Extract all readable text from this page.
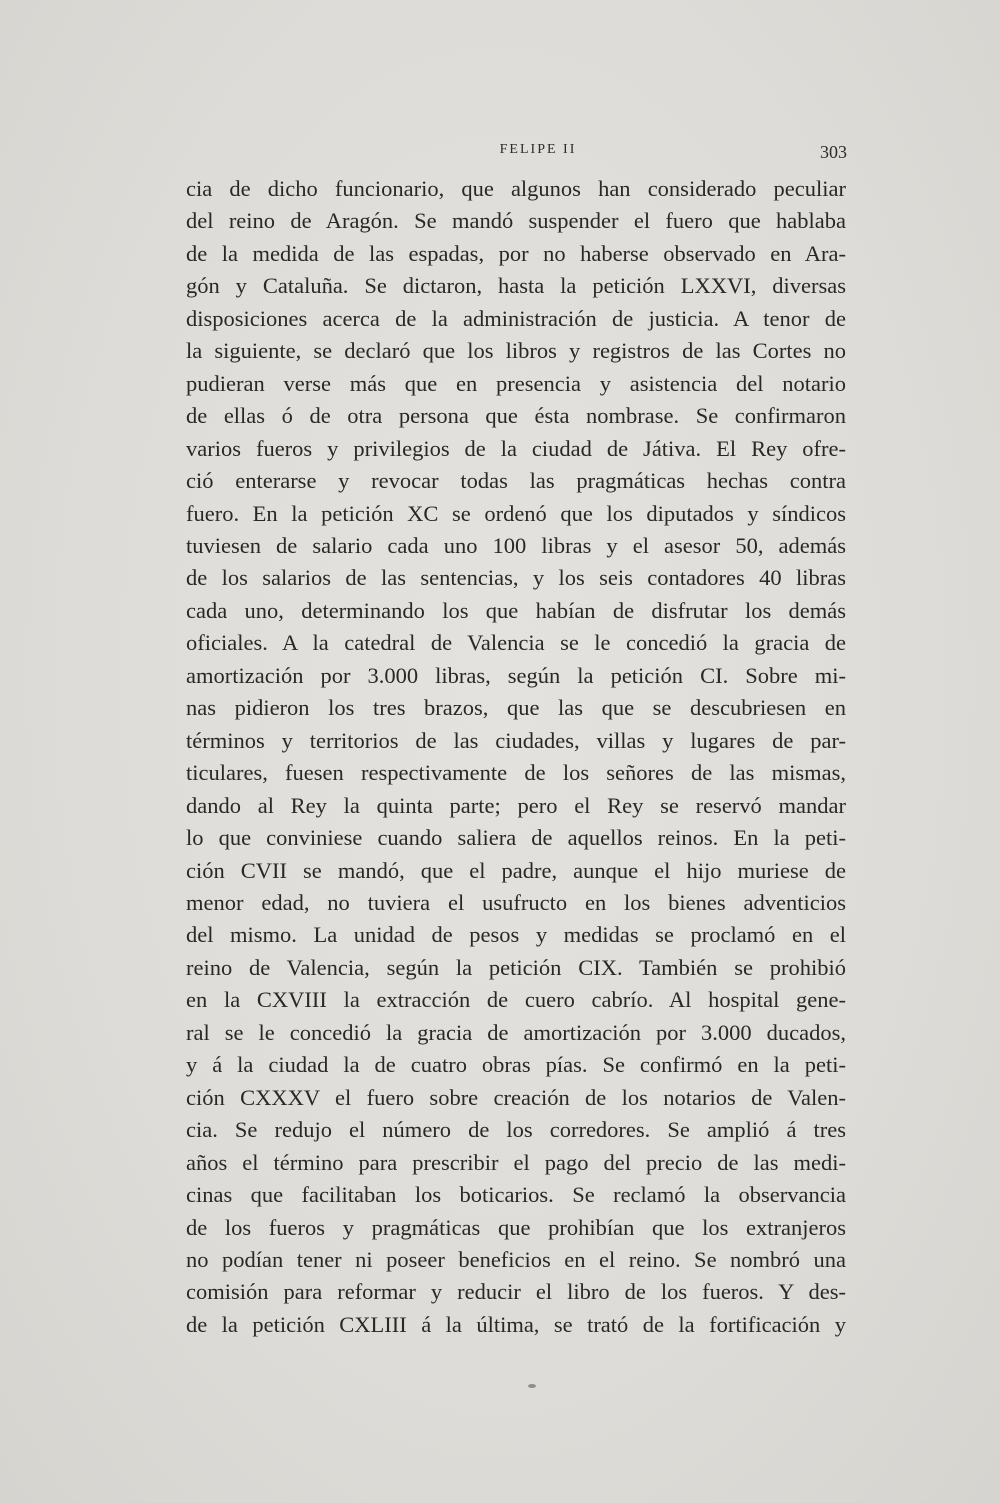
FELIPE II	303
cia de dicho funcionario, que algunos han considerado peculiar
del reino de Aragón. Se mandó suspender el fuero que hablaba
de la medida de las espadas, por no haberse observado en Ara-
gón y Cataluña. Se dictaron, hasta la petición LXXVI, diversas
disposiciones acerca de la administración de justicia. A tenor de
la siguiente, se declaró que los libros y registros de las Cortes no
pudieran verse más que en presencia y asistencia del notario
de ellas ó de otra persona que ésta nombrase. Se confirmaron
varios fueros y privilegios de la ciudad de Játiva. El Rey ofre-
ció enterarse y revocar todas las pragmáticas hechas contra
fuero. En la petición XC se ordenó que los diputados y síndicos
tuviesen de salario cada uno 100 libras y el asesor 50, además
de los salarios de las sentencias, y los seis contadores 40 libras
cada uno, determinando los que habían de disfrutar los demás
oficiales. A la catedral de Valencia se le concedió la gracia de
amortización por 3.000 libras, según la petición CI. Sobre mi-
nas pidieron los tres brazos, que las que se descubriesen en
términos y territorios de las ciudades, villas y lugares de par-
ticulares, fuesen respectivamente de los señores de las mismas,
dando al Rey la quinta parte; pero el Rey se reservó mandar
lo que conviniese cuando saliera de aquellos reinos. En la peti-
ción CVII se mandó, que el padre, aunque el hijo muriese de
menor edad, no tuviera el usufructo en los bienes adventicios
del mismo. La unidad de pesos y medidas se proclamó en el
reino de Valencia, según la petición CIX. También se prohibió
en la CXVIII la extracción de cuero cabrío. Al hospital gene-
ral se le concedió la gracia de amortización por 3.000 ducados,
y á la ciudad la de cuatro obras pías. Se confirmó en la peti-
ción CXXXV el fuero sobre creación de los notarios de Valen-
cia. Se redujo el número de los corredores. Se amplió á tres
años el término para prescribir el pago del precio de las medi-
cinas que facilitaban los boticarios. Se reclamó la observancia
de los fueros y pragmáticas que prohibían que los extranjeros
no podían tener ni poseer beneficios en el reino. Se nombró una
comisión para reformar y reducir el libro de los fueros. Y des-
de la petición CXLIII á la última, se trató de la fortificación y
